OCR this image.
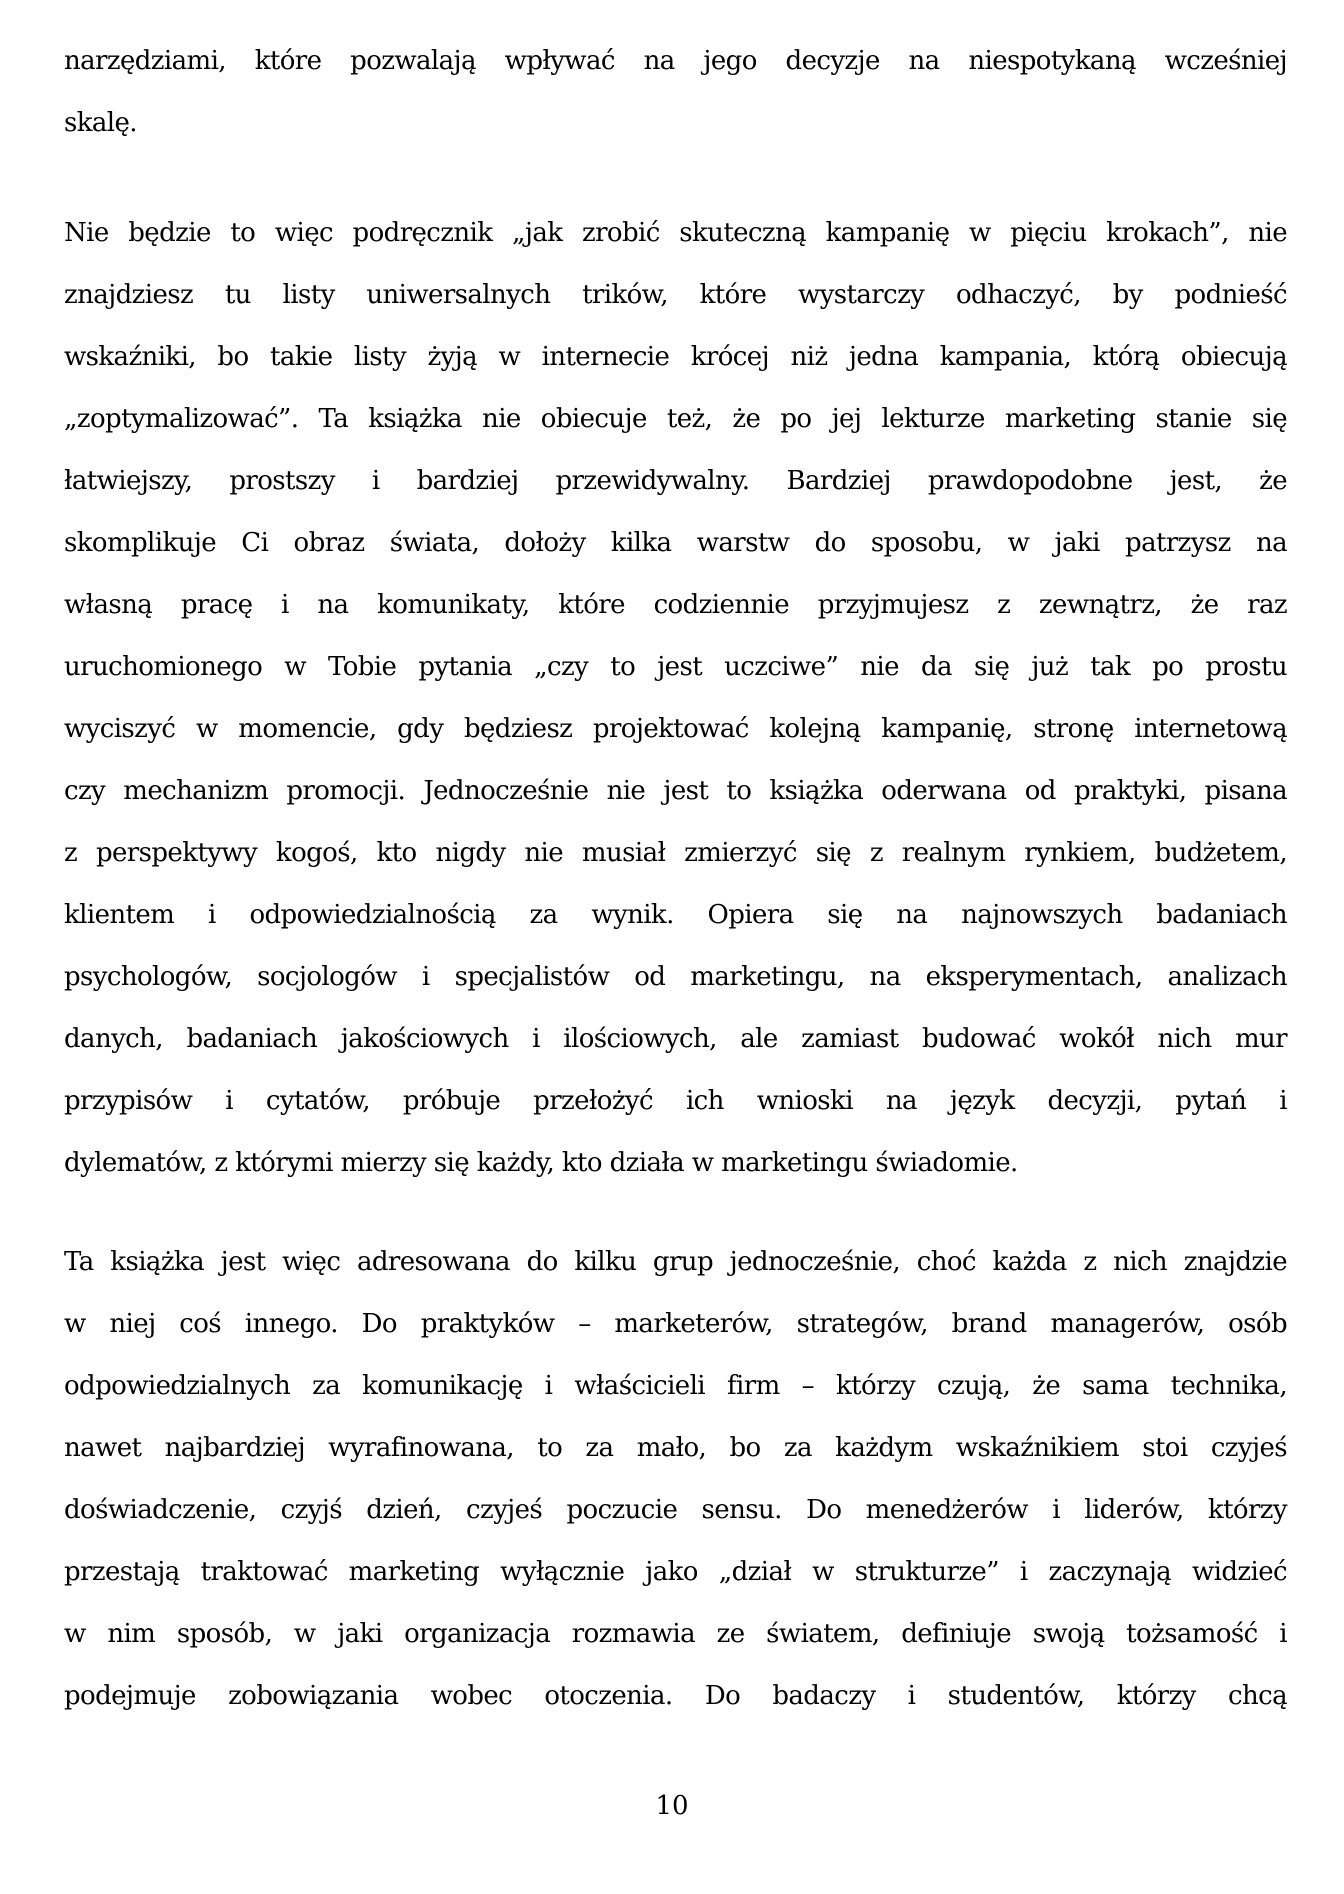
narzędziami, które pozwalają wpływać na jego decyzje na niespotykaną wcześniej
skalę.
Nie będzie to więc podręcznik „jak zrobić skuteczną kampanię w pięciu krokach”, nie
znajdziesz tu listy uniwersalnych trików, które wystarczy odhaczyć, by podnieść
wskaźniki, bo takie listy żyją w internecie krócej niż jedna kampania, którą obiecują
„zoptymalizować”. Ta książka nie obiecuje też, że po jej lekturze marketing stanie się
łatwiejszy, prostszy i bardziej przewidywalny. Bardziej prawdopodobne jest, że
skomplikuje Ci obraz świata, dołoży kilka warstw do sposobu, w jaki patrzysz na
własną pracę i na komunikaty, które codziennie przyjmujesz z zewnątrz, że raz
uruchomionego w Tobie pytania „czy to jest uczciwe” nie da się już tak po prostu
wyciszyć w momencie, gdy będziesz projektować kolejną kampanię, stronę internetową
czy mechanizm promocji. Jednocześnie nie jest to książka oderwana od praktyki, pisana
z perspektywy kogoś, kto nigdy nie musiał zmierzyć się z realnym rynkiem, budżetem,
klientem i odpowiedzialnością za wynik. Opiera się na najnowszych badaniach
psychologów, socjologów i specjalistów od marketingu, na eksperymentach, analizach
danych, badaniach jakościowych i ilościowych, ale zamiast budować wokół nich mur
przypisów i cytatów, próbuje przełożyć ich wnioski na język decyzji, pytań i
dylematów, z którymi mierzy się każdy, kto działa w marketingu świadomie.
Ta książka jest więc adresowana do kilku grup jednocześnie, choć każda z nich znajdzie
w niej coś innego. Do praktyków – marketerów, strategów, brand managerów, osób
odpowiedzialnych za komunikację i właścicieli firm – którzy czują, że sama technika,
nawet najbardziej wyrafinowana, to za mało, bo za każdym wskaźnikiem stoi czyjeś
doświadczenie, czyjś dzień, czyjeś poczucie sensu. Do menedżerów i liderów, którzy
przestają traktować marketing wyłącznie jako „dział w strukturze” i zaczynają widzieć
w nim sposób, w jaki organizacja rozmawia ze światem, definiuje swoją tożsamość i
podejmuje zobowiązania wobec otoczenia. Do badaczy i studentów, którzy chcą
10
